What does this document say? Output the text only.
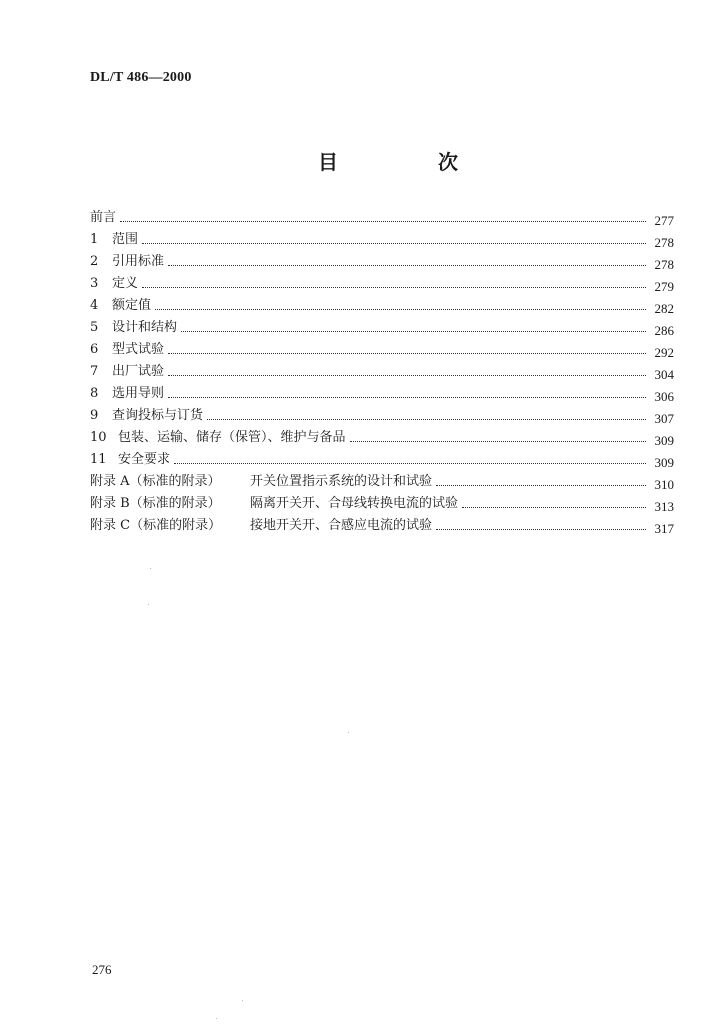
DL/T 486—2000
目	次
前言	277
1	范围	278
2	引用标准	278
3	定义	279
4	额定值	282
5	设计和结构	286
6	型式试验	292
7	出厂试验	304
8	选用导则	306
9	查询投标与订货	307
10 包装、运输、储存（保管）、维护与备品	309
11 安全要求	309
附录 A（标准的附录）	开关位置指示系统的设计和试验	310
附录 B（标准的附录）	隔离开关开、合母线转换电流的试验	313
附录 C（标准的附录）	接地开关开、合感应电流的试验	317
276
